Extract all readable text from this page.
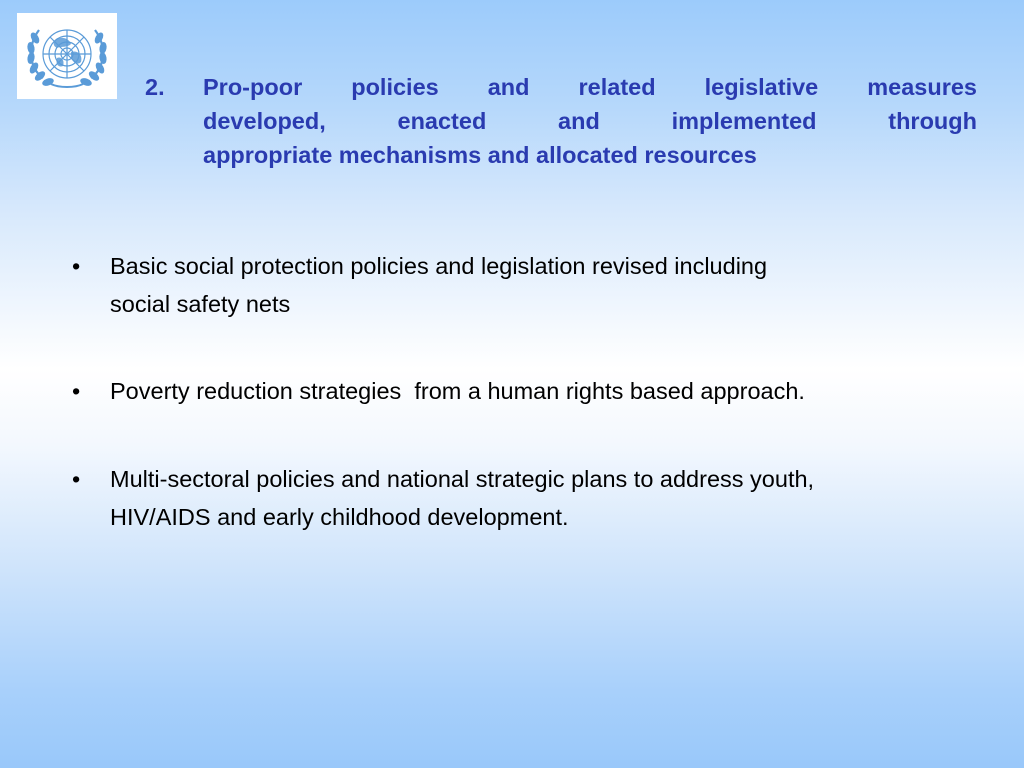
2.	Pro-poor policies and related legislative measures
developed, enacted and implemented through
appropriate mechanisms and allocated resources
• Basic social protection policies and legislation revised including
social safety nets
• Poverty reduction strategies  from a human rights based approach.
• Multi-sectoral policies and national strategic plans to address youth,
HIV/AIDS and early childhood development.
